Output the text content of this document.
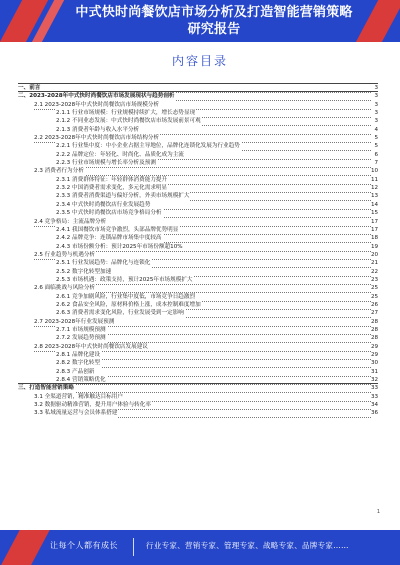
中式快时尚餐饮店市场分析及打造智能营销策略研究报告
内容目录
一、前言	3
二、2023-2028年中式快时尚餐饮店市场发展现状与趋势剖析	3
2.1 2023-2028年中式快时尚餐饮店市场规模分析	3
2.1.1 行业市场规模：行业规模持续扩大，增长态势显现	3
2.1.2 不同业态发展：中式快时尚餐饮店市场发展前景可观	3
2.1.3 消费者年龄与收入水平分析	4
2.2 2023-2028年中式快时尚餐饮店市场结构分析	5
2.2.1 行业集中度：中小企业占据主导地位，品牌化连锁化发展为行业趋势	5
2.2.2 品牌定位：年轻化、时尚化、品质化成为主流	6
2.2.3 行业市场规模与增长率分析及预测	7
2.3 消费者行为分析	10
2.3.1 消费群体特征：年轻群体消费能力提升	11
2.3.2 中国消费者需求变化，多元化需求明显	12
2.3.3 消费者消费渠道与偏好分析，外卖市场规模扩大	13
2.3.4 中式快时尚餐饮店行业发展趋势	14
2.3.5 中式快时尚餐饮店市场竞争格局分析	15
2.4 竞争格局：主流品牌分析	17
2.4.1 我国餐饮市场竞争激烈，头部品牌优势明显	17
2.4.2 品牌竞争：连锁品牌市场集中度较高	18
2.4.3 市场份额分析：预计2025年市场份额超10%	19
2.5 行业趋势与机遇分析	20
2.5.1 行业发展趋势：品牌化与连锁化	21
2.5.2 数字化转型加速	22
2.5.3 市场机遇：政策支持，预计2025年市场规模扩大	23
2.6 面临挑战与风险分析	25
2.6.1 竞争加剧风险，行业集中度低，市场竞争日趋激烈	25
2.6.2 食品安全风险，原材料价格上涨，成本控制难度增加	26
2.6.3 消费者需求变化风险，行业发展受到一定影响	27
2.7 2023-2028年行业发展预测	28
2.7.1 市场规模预测	28
2.7.2 发展趋势预测	28
2.8 2023-2028年中式快时尚餐饮店发展建议	29
2.8.1 品牌化建设	29
2.8.2 数字化转型	30
2.8.3 产品创新	31
2.8.4 营销策略优化	32
三、打造智能营销策略	33
3.1 全渠道营销，精准触达目标用户	33
3.2 数据驱动精准营销，提升用户体验与转化率	34
3.3 私域流量运营与会员体系搭建	36
1
让每个人都有成长	行业专家、营销专家、管理专家、战略专家、品牌专家……
